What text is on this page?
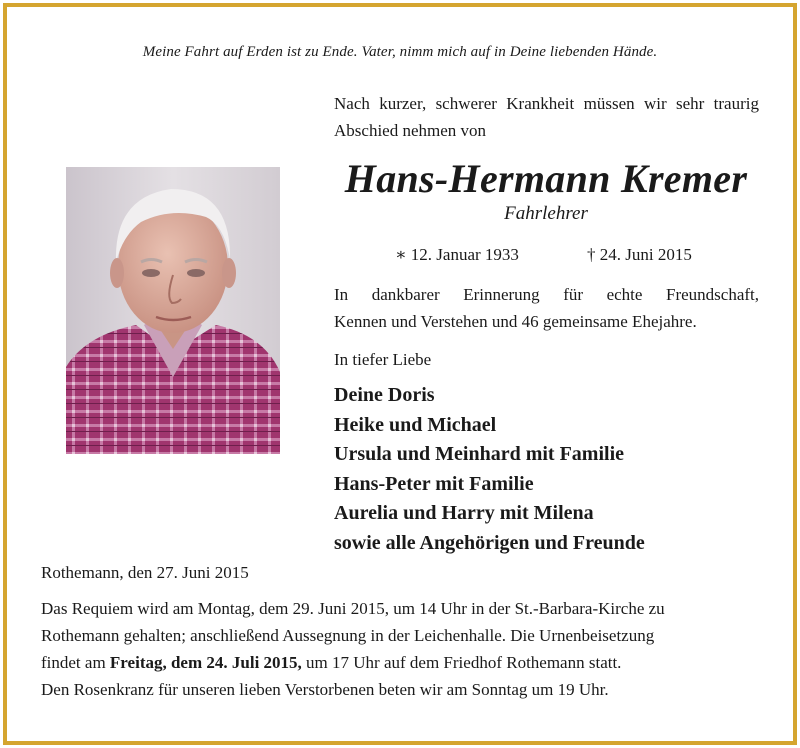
Meine Fahrt auf Erden ist zu Ende. Vater, nimm mich auf in Deine liebenden Hände.
Nach kurzer, schwerer Krankheit müssen wir sehr traurig Abschied nehmen von
Hans-Hermann Kremer
Fahrlehrer
∗ 12. Januar 1933	† 24. Juni 2015
In dankbarer Erinnerung für echte Freundschaft,
Kennen und Verstehen und 46 gemeinsame Ehejahre.
In tiefer Liebe
Deine Doris
Heike und Michael
Ursula und Meinhard mit Familie
Hans-Peter mit Familie
Aurelia und Harry mit Milena
sowie alle Angehörigen und Freunde
Rothemann, den 27. Juni 2015
Das Requiem wird am Montag, dem 29. Juni 2015, um 14 Uhr in der St.-Barbara-Kirche zu
Rothemann gehalten; anschließend Aussegnung in der Leichenhalle. Die Urnenbeisetzung
findet am Freitag, dem 24. Juli 2015, um 17 Uhr auf dem Friedhof Rothemann statt.
Den Rosenkranz für unseren lieben Verstorbenen beten wir am Sonntag um 19 Uhr.
